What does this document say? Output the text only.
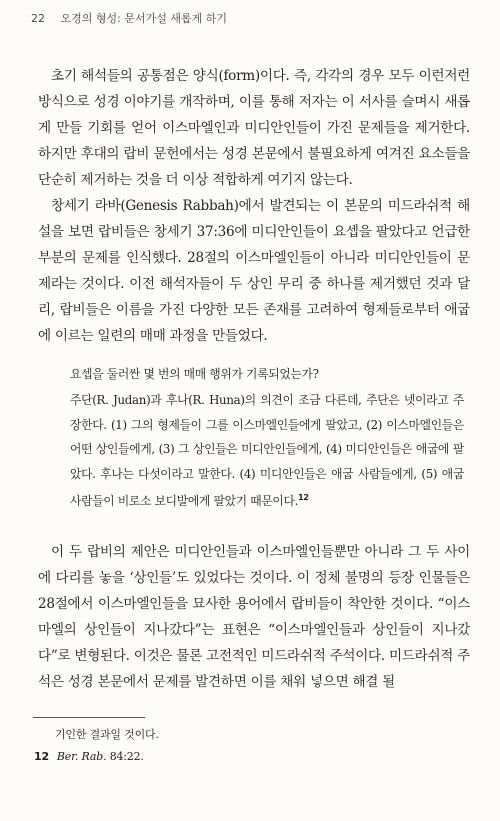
22 오경의 형성: 문서가설 새롭게 하기

초기 해석들의 공통점은 양식(form)이다. 즉, 각각의 경우 모두 이런저런 방식으로 성경 이야기를 개작하며, 이를 통해 저자는 이 서사를 슬며시 새롭게 만들 기회를 얻어 이스마엘인과 미디안인들이 가진 문제들을 제거한다. 하지만 후대의 랍비 문헌에서는 성경 본문에서 불필요하게 여겨진 요소들을 단순히 제거하는 것을 더 이상 적합하게 여기지 않는다.

창세기 라바(Genesis Rabbah)에서 발견되는 이 본문의 미드라쉬적 해설을 보면 랍비들은 창세기 37:36에 미디안인들이 요셉을 팔았다고 언급한 부분의 문제를 인식했다. 28절의 이스마엘인들이 아니라 미디안인들이 문제라는 것이다. 이전 해석자들이 두 상인 무리 중 하나를 제거했던 것과 달리, 랍비들은 이름을 가진 다양한 모든 존재를 고려하여 형제들로부터 애굽에 이르는 일련의 매매 과정을 만들었다.

요셉을 둘러싼 몇 번의 매매 행위가 기록되었는가?

주단(R. Judan)과 후나(R. Huna)의 의견이 조금 다른데, 주단은 넷이라고 주장한다. (1) 그의 형제들이 그를 이스마엘인들에게 팔았고, (2) 이스마엘인들은 어떤 상인들에게, (3) 그 상인들은 미디안인들에게, (4) 미디안인들은 애굽에 팔았다. 후나는 다섯이라고 말한다. (4) 미디안인들은 애굽 사람들에게, (5) 애굽 사람들이 비로소 보디발에게 팔았기 때문이다.$^{12}$

이 두 랍비의 제안은 미디안인들과 이스마엘인들뿐만 아니라 그 두 사이에 다리를 놓을 ‘상인들’도 있었다는 것이다. 이 정체 불명의 등장 인물들은 28절에서 이스마엘인들을 묘사한 용어에서 랍비들이 착안한 것이다. “이스마엘의 상인들이 지나갔다”는 표현은 “이스마엘인들과 상인들이 지나갔다”로 변형된다. 이것은 물론 고전적인 미드라쉬적 주석이다. 미드라쉬적 주석은 성경 본문에서 문제를 발견하면 이를 채워 넣으면 해결 될

기인한 결과일 것이다.
12 Ber. Rab. 84:22.
